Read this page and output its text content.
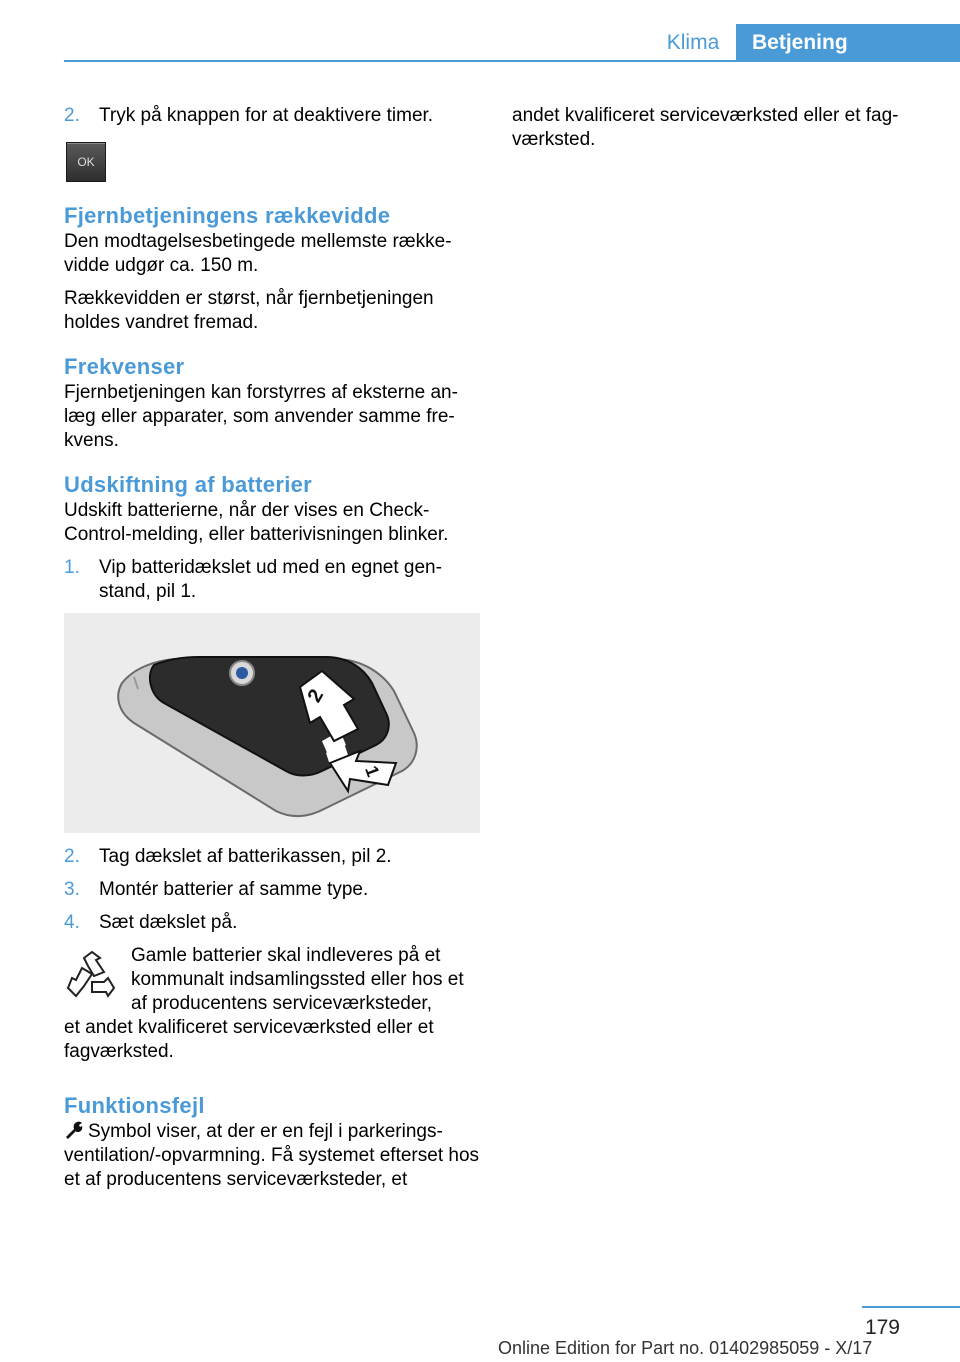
Klima	Betjening
2. Tryk på knappen for at deaktivere timer.
OK
Fjernbetjeningens rækkevidde

Den modtagelsesbetingede mellemste række‐vidde udgør ca. 150 m.

Rækkevidden er størst, når fjernbetjeningen holdes vandret fremad.

Frekvenser

Fjernbetjeningen kan forstyrres af eksterne an‐læg eller apparater, som anvender samme fre‐kvens.

Udskiftning af batterier

Udskift batterierne, når der vises en Check-Control-melding, eller batterivisningen blinker.

1. Vip batteridækslet ud med en egnet gen‐stand, pil 1.
2
1
2. Tag dækslet af batterikassen, pil 2.
3. Montér batterier af samme type.
4. Sæt dækslet på.
Gamle batterier skal indleveres på et kommunalt indsamlingssted eller hos et af producentens serviceværksteder,

et andet kvalificeret serviceværksted eller et fagværksted.

Funktionsfejl

Symbol viser, at der er en fejl i parkerings‐ventilation/-opvarmning. Få systemet efterset hos et af producentens serviceværksteder, et

andet kvalificeret serviceværksted eller et fag‐værksted.

179
Online Edition for Part no. 01402985059 - X/17
